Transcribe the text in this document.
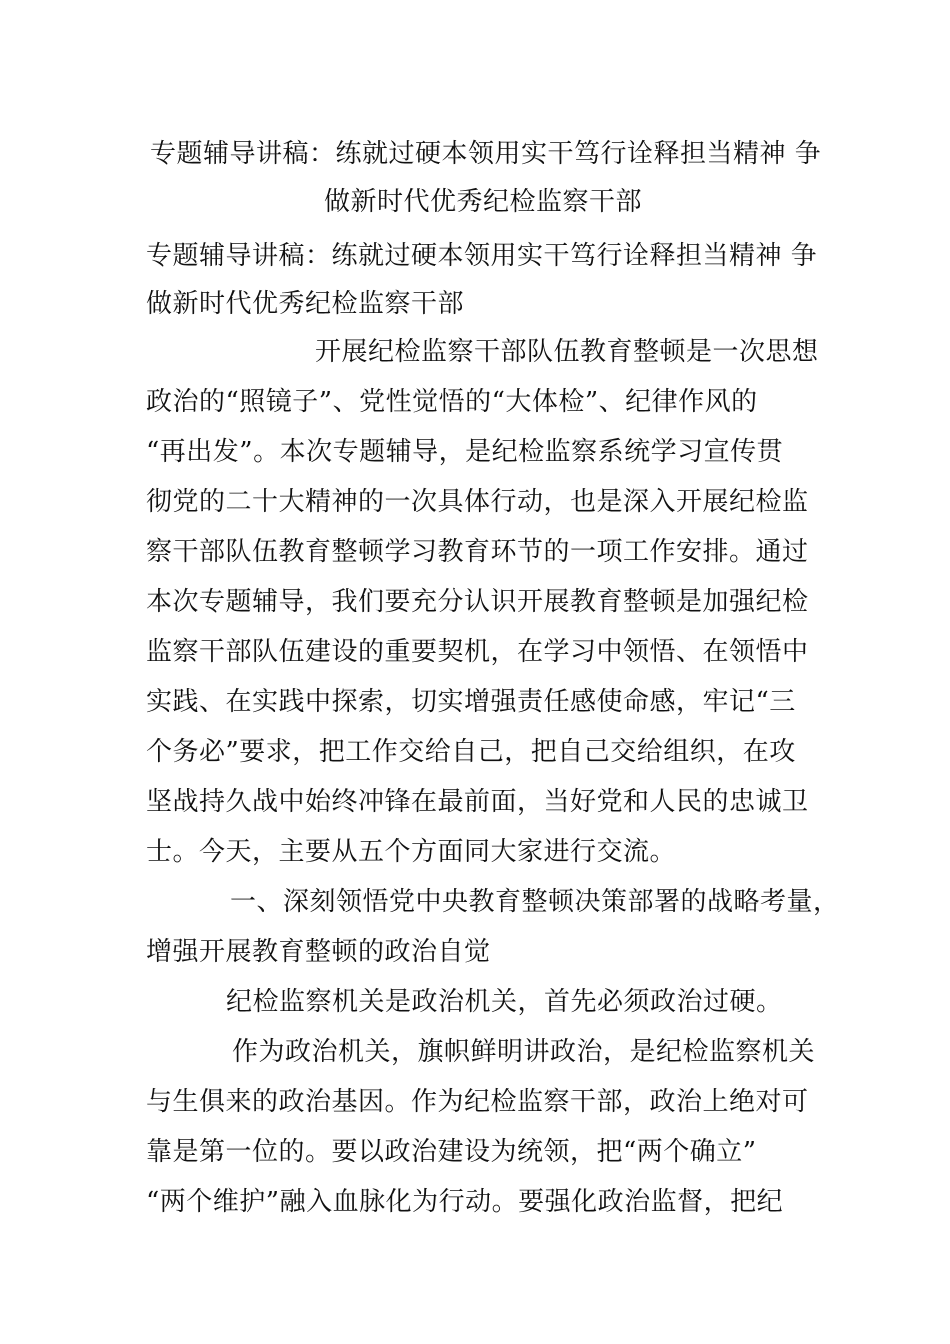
专题辅导讲稿：练就过硬本领用实干笃行诠释担当精神 争
做新时代优秀纪检监察干部
专题辅导讲稿：练就过硬本领用实干笃行诠释担当精神 争
做新时代优秀纪检监察干部
开展纪检监察干部队伍教育整顿是一次思想
政治的“照镜子”、党性觉悟的“大体检”、纪律作风的
“再出发”。本次专题辅导，是纪检监察系统学习宣传贯
彻党的二十大精神的一次具体行动，也是深入开展纪检监
察干部队伍教育整顿学习教育环节的一项工作安排。通过
本次专题辅导，我们要充分认识开展教育整顿是加强纪检
监察干部队伍建设的重要契机，在学习中领悟、在领悟中
实践、在实践中探索，切实增强责任感使命感，牢记“三
个务必”要求，把工作交给自己，把自己交给组织，在攻
坚战持久战中始终冲锋在最前面，当好党和人民的忠诚卫
士。今天，主要从五个方面同大家进行交流。
一、深刻领悟党中央教育整顿决策部署的战略考量，
增强开展教育整顿的政治自觉
纪检监察机关是政治机关，首先必须政治过硬。
作为政治机关，旗帜鲜明讲政治，是纪检监察机关
与生俱来的政治基因。作为纪检监察干部，政治上绝对可
靠是第一位的。要以政治建设为统领，把“两个确立”
“两个维护”融入血脉化为行动。要强化政治监督，把纪
